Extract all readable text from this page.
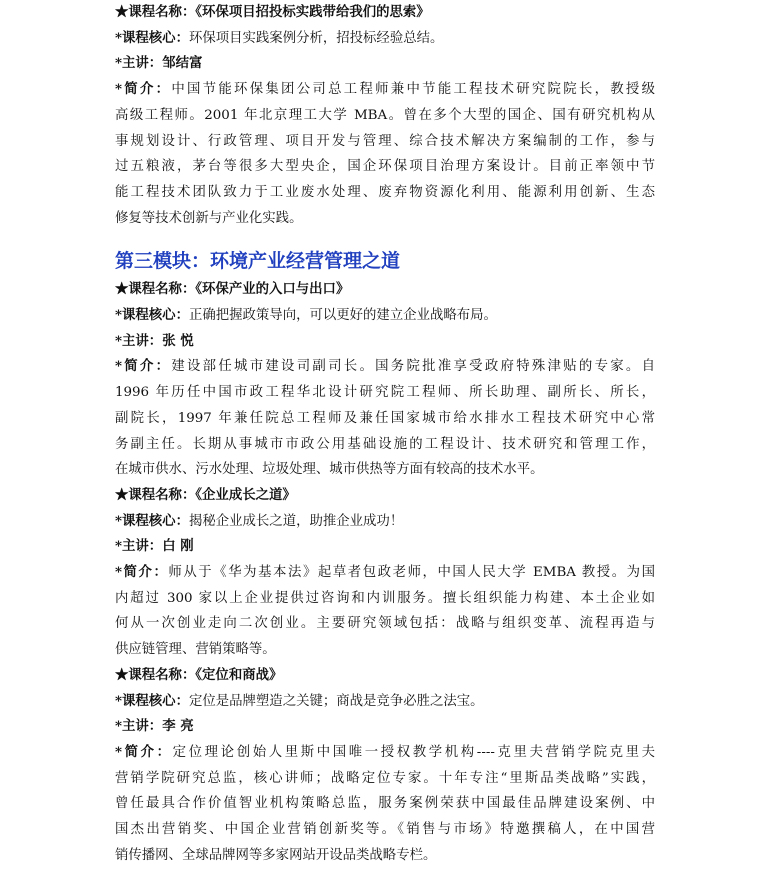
★课程名称：《环保项目招投标实践带给我们的思索》
*课程核心：环保项目实践案例分析，招投标经验总结。
*主讲：邹结富
*简介：中国节能环保集团公司总工程师兼中节能工程技术研究院院长，教授级
高级工程师。2001 年北京理工大学 MBA。曾在多个大型的国企、国有研究机构从
事规划设计、行政管理、项目开发与管理、综合技术解决方案编制的工作，参与
过五粮液，茅台等很多大型央企，国企环保项目治理方案设计。目前正率领中节
能工程技术团队致力于工业废水处理、废弃物资源化利用、能源利用创新、生态
修复等技术创新与产业化实践。
第三模块：环境产业经营管理之道
★课程名称：《环保产业的入口与出口》
*课程核心：正确把握政策导向，可以更好的建立企业战略布局。
*主讲：张 悦
*简介：建设部任城市建设司副司长。国务院批准享受政府特殊津贴的专家。自
1996 年历任中国市政工程华北设计研究院工程师、所长助理、副所长、所长，
副院长，1997 年兼任院总工程师及兼任国家城市给水排水工程技术研究中心常
务副主任。长期从事城市市政公用基础设施的工程设计、技术研究和管理工作，
在城市供水、污水处理、垃圾处理、城市供热等方面有较高的技术水平。
★课程名称：《企业成长之道》
*课程核心：揭秘企业成长之道，助推企业成功！
*主讲：白 刚
*简介：师从于《华为基本法》起草者包政老师，中国人民大学 EMBA 教授。为国
内超过 300 家以上企业提供过咨询和内训服务。擅长组织能力构建、本土企业如
何从一次创业走向二次创业。主要研究领域包括：战略与组织变革、流程再造与
供应链管理、营销策略等。
★课程名称：《定位和商战》
*课程核心：定位是品牌塑造之关键；商战是竞争必胜之法宝。
*主讲：李 亮
*简介：定位理论创始人里斯中国唯一授权教学机构----克里夫营销学院克里夫
营销学院研究总监，核心讲师；战略定位专家。十年专注“里斯品类战略”实践，
曾任最具合作价值智业机构策略总监，服务案例荣获中国最佳品牌建设案例、中
国杰出营销奖、中国企业营销创新奖等。《销售与市场》特邀撰稿人，在中国营
销传播网、全球品牌网等多家网站开设品类战略专栏。
